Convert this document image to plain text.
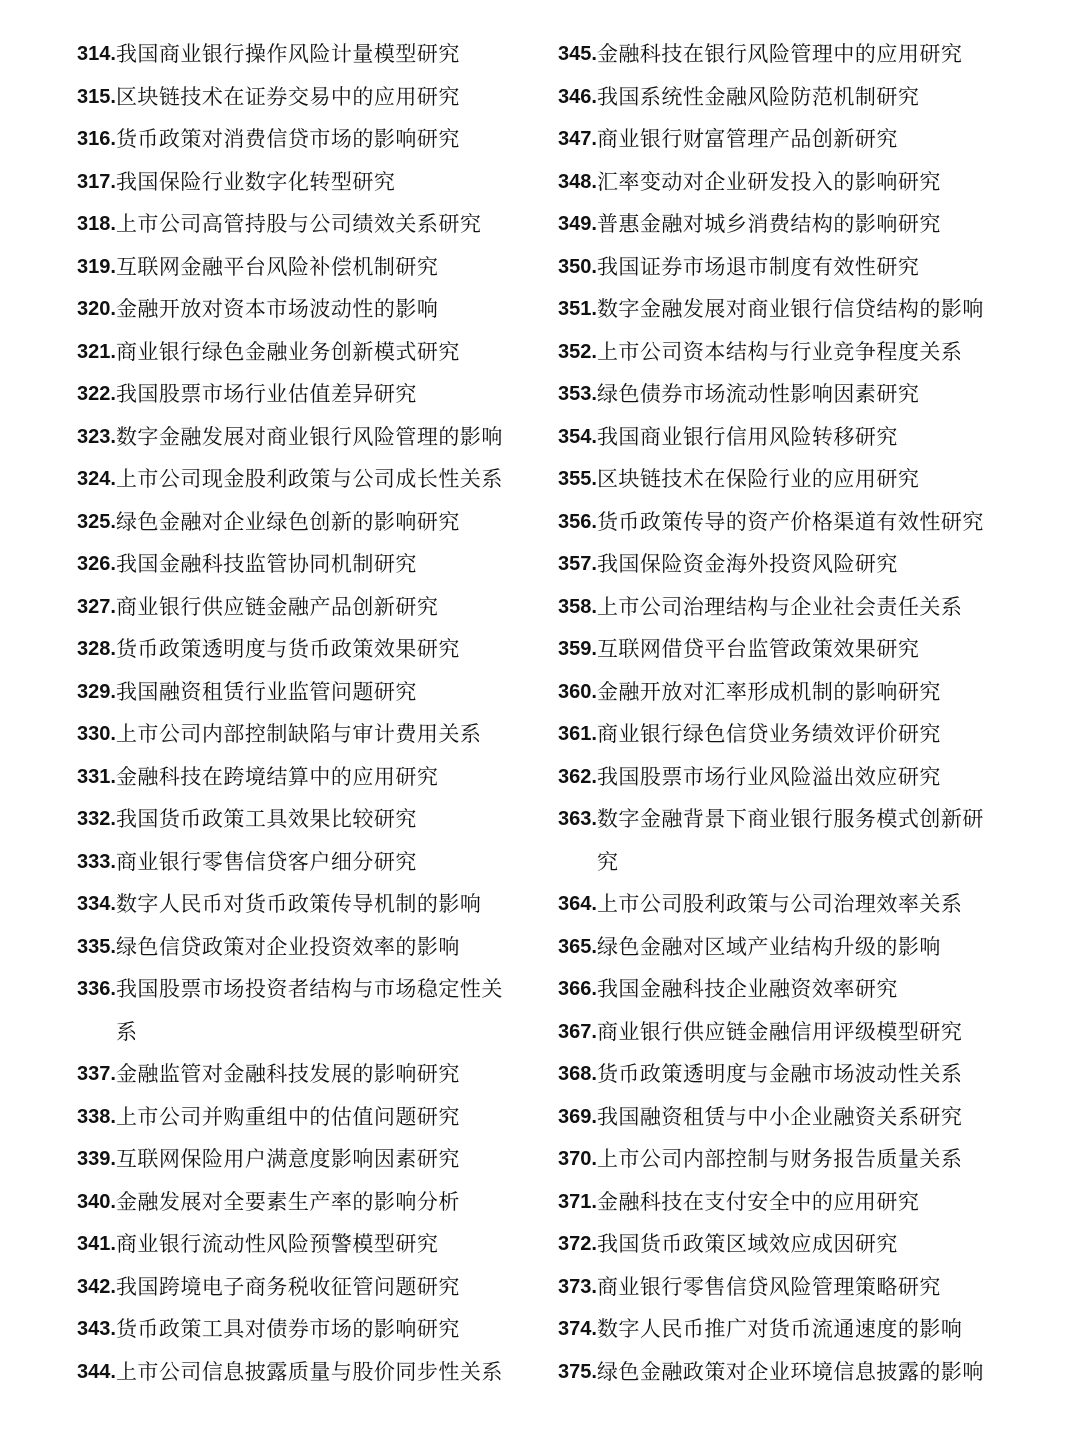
314. 我国商业银行操作风险计量模型研究
315. 区块链技术在证券交易中的应用研究
316. 货币政策对消费信贷市场的影响研究
317. 我国保险行业数字化转型研究
318. 上市公司高管持股与公司绩效关系研究
319. 互联网金融平台风险补偿机制研究
320. 金融开放对资本市场波动性的影响
321. 商业银行绿色金融业务创新模式研究
322. 我国股票市场行业估值差异研究
323. 数字金融发展对商业银行风险管理的影响
324. 上市公司现金股利政策与公司成长性关系
325. 绿色金融对企业绿色创新的影响研究
326. 我国金融科技监管协同机制研究
327. 商业银行供应链金融产品创新研究
328. 货币政策透明度与货币政策效果研究
329. 我国融资租赁行业监管问题研究
330. 上市公司内部控制缺陷与审计费用关系
331. 金融科技在跨境结算中的应用研究
332. 我国货币政策工具效果比较研究
333. 商业银行零售信贷客户细分研究
334. 数字人民币对货币政策传导机制的影响
335. 绿色信贷政策对企业投资效率的影响
336. 我国股票市场投资者结构与市场稳定性关系
337. 金融监管对金融科技发展的影响研究
338. 上市公司并购重组中的估值问题研究
339. 互联网保险用户满意度影响因素研究
340. 金融发展对全要素生产率的影响分析
341. 商业银行流动性风险预警模型研究
342. 我国跨境电子商务税收征管问题研究
343. 货币政策工具对债券市场的影响研究
344. 上市公司信息披露质量与股价同步性关系
345. 金融科技在银行风险管理中的应用研究
346. 我国系统性金融风险防范机制研究
347. 商业银行财富管理产品创新研究
348. 汇率变动对企业研发投入的影响研究
349. 普惠金融对城乡消费结构的影响研究
350. 我国证券市场退市制度有效性研究
351. 数字金融发展对商业银行信贷结构的影响
352. 上市公司资本结构与行业竞争程度关系
353. 绿色债券市场流动性影响因素研究
354. 我国商业银行信用风险转移研究
355. 区块链技术在保险行业的应用研究
356. 货币政策传导的资产价格渠道有效性研究
357. 我国保险资金海外投资风险研究
358. 上市公司治理结构与企业社会责任关系
359. 互联网借贷平台监管政策效果研究
360. 金融开放对汇率形成机制的影响研究
361. 商业银行绿色信贷业务绩效评价研究
362. 我国股票市场行业风险溢出效应研究
363. 数字金融背景下商业银行服务模式创新研究
364. 上市公司股利政策与公司治理效率关系
365. 绿色金融对区域产业结构升级的影响
366. 我国金融科技企业融资效率研究
367. 商业银行供应链金融信用评级模型研究
368. 货币政策透明度与金融市场波动性关系
369. 我国融资租赁与中小企业融资关系研究
370. 上市公司内部控制与财务报告质量关系
371. 金融科技在支付安全中的应用研究
372. 我国货币政策区域效应成因研究
373. 商业银行零售信贷风险管理策略研究
374. 数字人民币推广对货币流通速度的影响
375. 绿色金融政策对企业环境信息披露的影响
